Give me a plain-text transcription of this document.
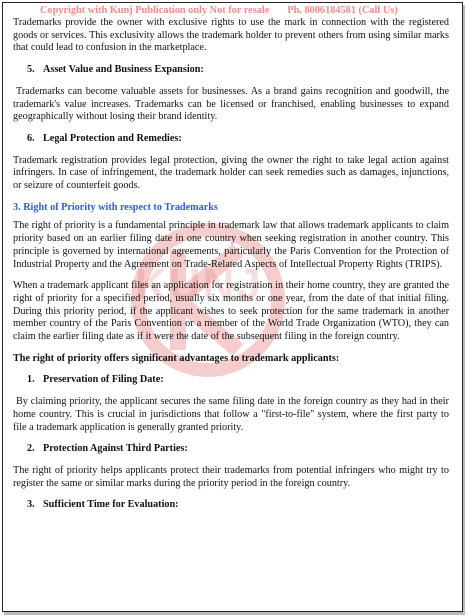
KUNJ
Copyright with Kunj Publication only Not for resale Ph. 8006184581 (Call Us)

Trademarks provide the owner with exclusive rights to use the mark in connection with the registered goods or services. This exclusivity allows the trademark holder to prevent others from using similar marks that could lead to confusion in the marketplace.

5. Asset Value and Business Expansion:

Trademarks can become valuable assets for businesses. As a brand gains recognition and goodwill, the trademark's value increases. Trademarks can be licensed or franchised, enabling businesses to expand geographically without losing their brand identity.

6. Legal Protection and Remedies:

Trademark registration provides legal protection, giving the owner the right to take legal action against infringers. In case of infringement, the trademark holder can seek remedies such as damages, injunctions, or seizure of counterfeit goods.

3. Right of Priority with respect to Trademarks

The right of priority is a fundamental principle in trademark law that allows trademark applicants to claim priority based on an earlier filing date in one country when seeking registration in another country. This principle is governed by international agreements, particularly the Paris Convention for the Protection of Industrial Property and the Agreement on Trade-Related Aspects of Intellectual Property Rights (TRIPS).

When a trademark applicant files an application for registration in their home country, they are granted the right of priority for a specified period, usually six months or one year, from the date of that initial filing. During this priority period, if the applicant wishes to seek protection for the same trademark in another member country of the Paris Convention or a member of the World Trade Organization (WTO), they can claim the earlier filing date as if it were the date of the subsequent filing in the foreign country.

The right of priority offers significant advantages to trademark applicants:
1. Preservation of Filing Date:

By claiming priority, the applicant secures the same filing date in the foreign country as they had in their home country. This is crucial in jurisdictions that follow a "first-to-file" system, where the first party to file a trademark application is generally granted priority.

2. Protection Against Third Parties:

The right of priority helps applicants protect their trademarks from potential infringers who might try to register the same or similar marks during the priority period in the foreign country.

3. Sufficient Time for Evaluation:
